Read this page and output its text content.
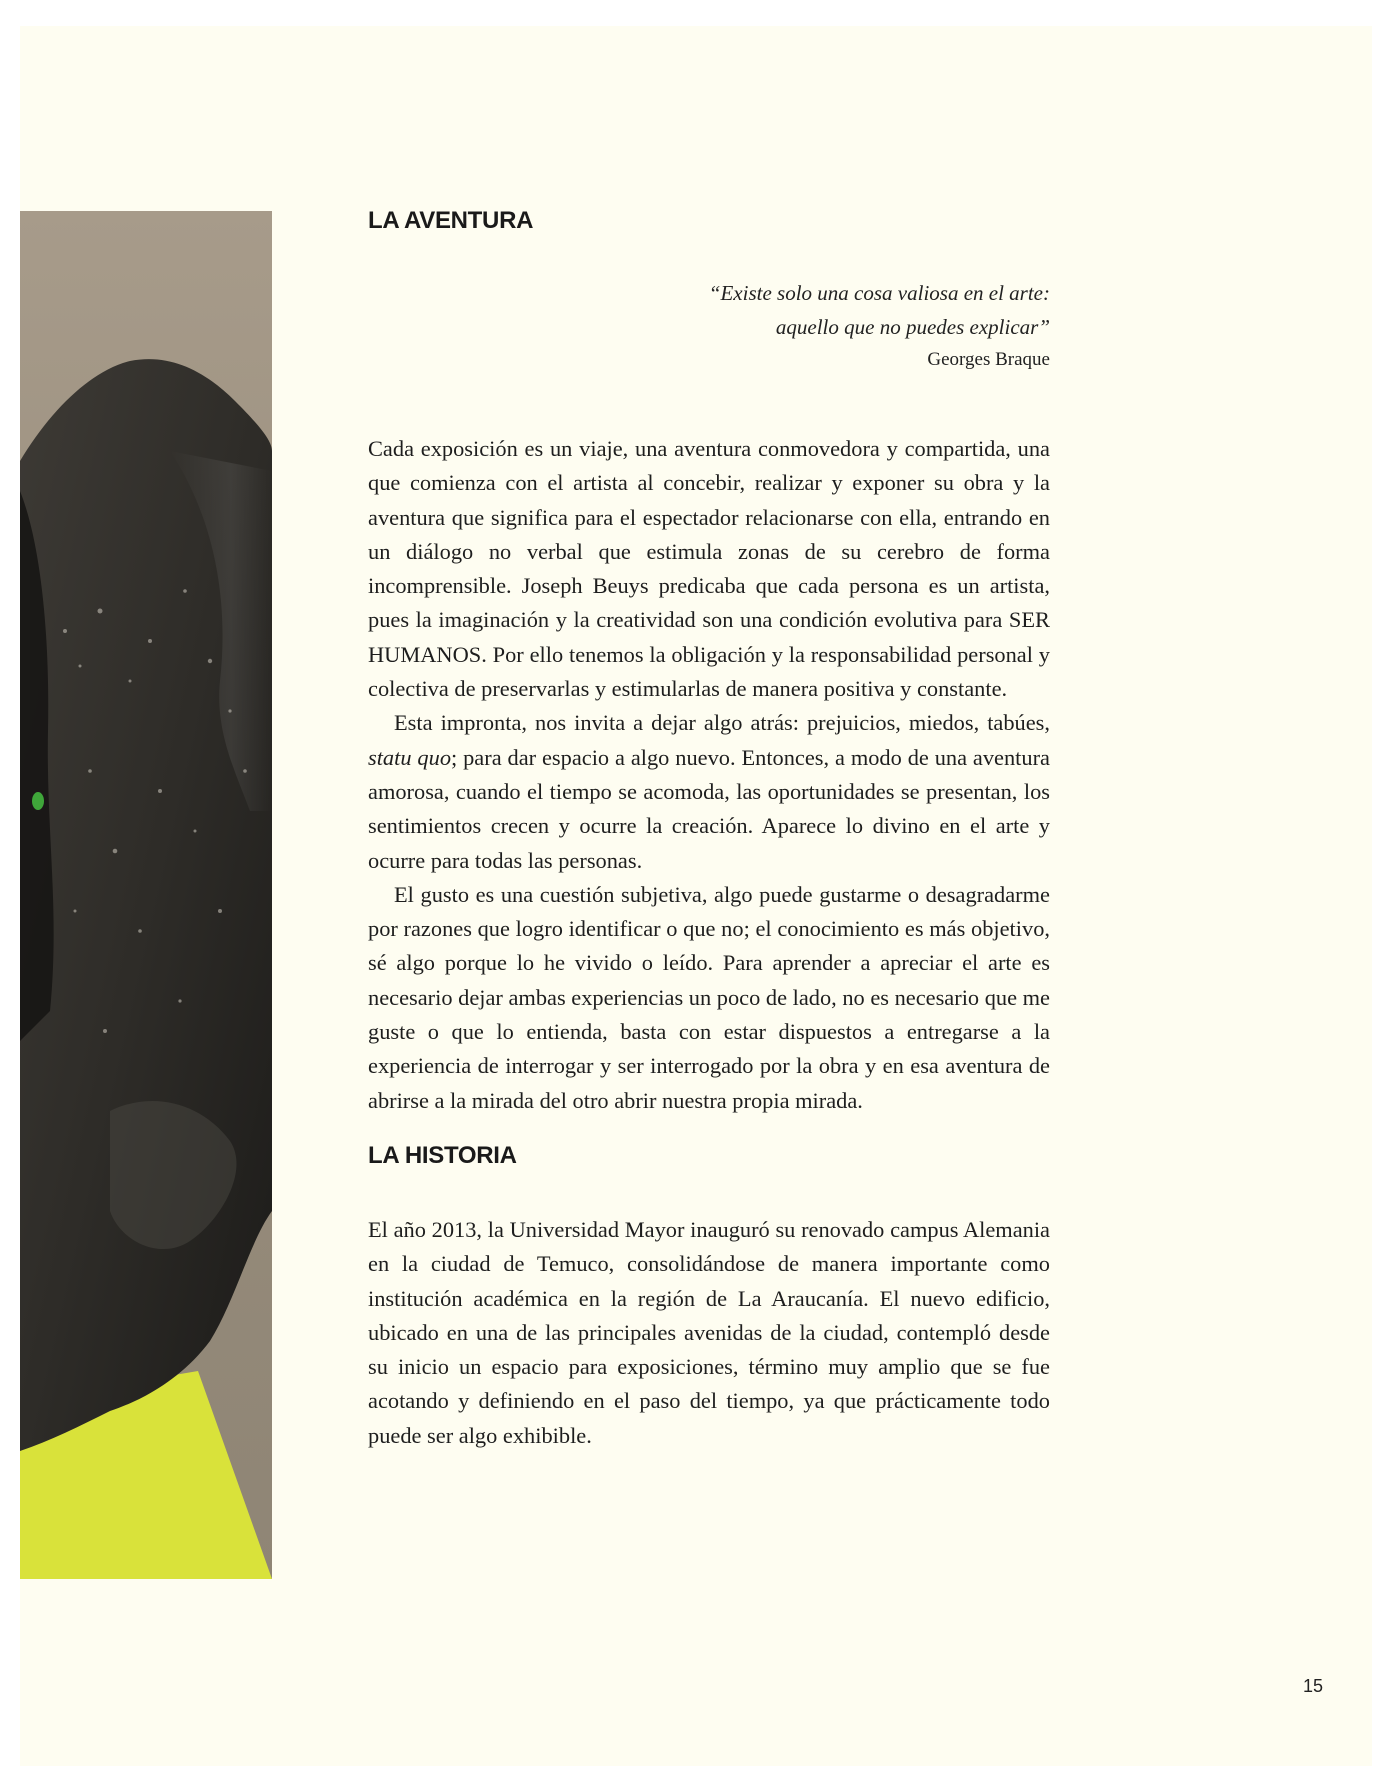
LA AVENTURA
“Existe solo una cosa valiosa en el arte:
aquello que no puedes explicar”
Georges Braque

Cada exposición es un viaje, una aventura conmovedora y compartida, una que comienza con el artista al concebir, realizar y exponer su obra y la aventura que significa para el espectador relacionarse con ella, entrando en un diálogo no verbal que estimula zonas de su cerebro de forma incomprensible. Joseph Beuys predicaba que cada persona es un artista, pues la imaginación y la creatividad son una condición evolutiva para SER HUMANOS. Por ello tenemos la obligación y la responsabilidad personal y colectiva de preservarlas y estimularlas de manera positiva y constante.

Esta impronta, nos invita a dejar algo atrás: prejuicios, miedos, tabúes, statu quo; para dar espacio a algo nuevo. Entonces, a modo de una aventura amorosa, cuando el tiempo se acomoda, las oportunidades se presentan, los sentimientos crecen y ocurre la creación. Aparece lo divino en el arte y ocurre para todas las personas.

El gusto es una cuestión subjetiva, algo puede gustarme o desagradarme por razones que logro identificar o que no; el conocimiento es más objetivo, sé algo porque lo he vivido o leído. Para aprender a apreciar el arte es necesario dejar ambas experiencias un poco de lado, no es necesario que me guste o que lo entienda, basta con estar dispuestos a entregarse a la experiencia de interrogar y ser interrogado por la obra y en esa aventura de abrirse a la mirada del otro abrir nuestra propia mirada.

LA HISTORIA

El año 2013, la Universidad Mayor inauguró su renovado campus Alemania en la ciudad de Temuco, consolidándose de manera importante como institución académica en la región de La Araucanía. El nuevo edificio, ubicado en una de las principales avenidas de la ciudad, contempló desde su inicio un espacio para exposiciones, término muy amplio que se fue acotando y definiendo en el paso del tiempo, ya que prácticamente todo puede ser algo exhibible.

15
